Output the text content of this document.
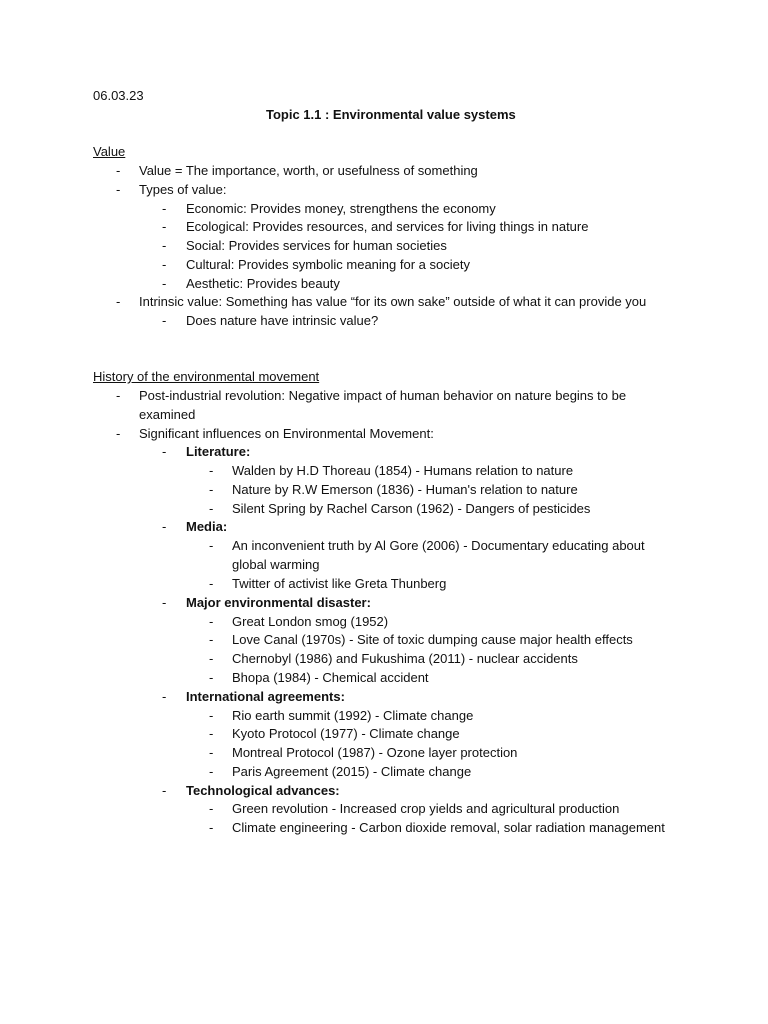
06.03.23
Topic 1.1 : Environmental value systems
Value
- Value = The importance, worth, or usefulness of something
- Types of value:
- Economic: Provides money, strengthens the economy
- Ecological: Provides resources, and services for living things in nature
- Social: Provides services for human societies
- Cultural: Provides symbolic meaning for a society
- Aesthetic: Provides beauty
- Intrinsic value: Something has value “for its own sake” outside of what it can provide you
- Does nature have intrinsic value?
History of the environmental movement
- Post-industrial revolution: Negative impact of human behavior on nature begins to be
examined
- Significant influences on Environmental Movement:
- Literature:
- Walden by H.D Thoreau (1854) - Humans relation to nature
- Nature by R.W Emerson (1836) - Human's relation to nature
- Silent Spring by Rachel Carson (1962) - Dangers of pesticides
- Media:
- An inconvenient truth by Al Gore (2006) - Documentary educating about
global warming
- Twitter of activist like Greta Thunberg
- Major environmental disaster:
- Great London smog (1952)
- Love Canal (1970s) - Site of toxic dumping cause major health effects
- Chernobyl (1986) and Fukushima (2011) - nuclear accidents
- Bhopa (1984) - Chemical accident
- International agreements:
- Rio earth summit (1992) - Climate change
- Kyoto Protocol (1977) - Climate change
- Montreal Protocol (1987) - Ozone layer protection
- Paris Agreement (2015) - Climate change
- Technological advances:
- Green revolution - Increased crop yields and agricultural production
- Climate engineering - Carbon dioxide removal, solar radiation management
